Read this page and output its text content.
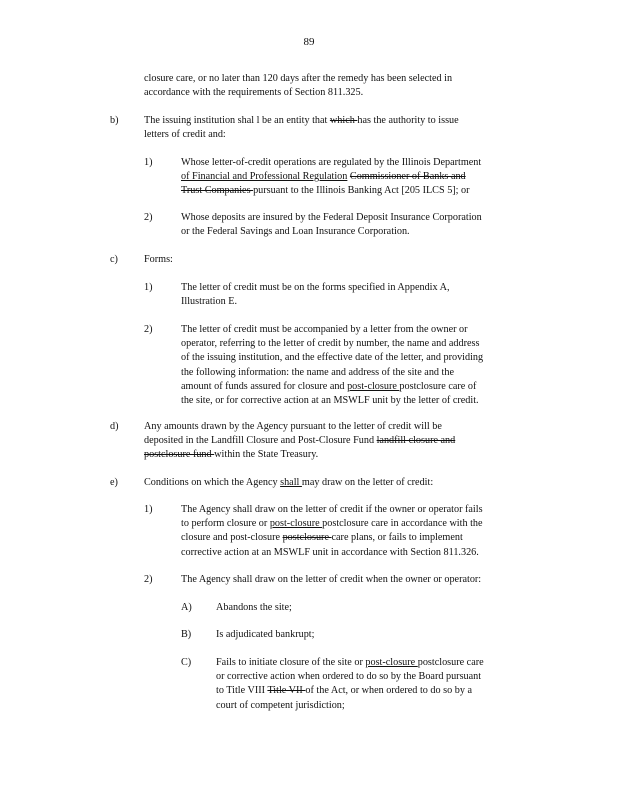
89
closure care, or no later than 120 days after the remedy has been selected in
accordance with the requirements of Section 811.325.
b)	The issuing institution shal l be an entity that which has the authority to issue
letters of credit and:
1)	Whose letter-of-credit operations are regulated by the Illinois Department
of Financial and Professional Regulation Commissioner of Banks and
Trust Companies pursuant to the Illinois Banking Act [205 ILCS 5]; or
2)	Whose deposits are insured by the Federal Deposit Insurance Corporation
or the Federal Savings and Loan Insurance Corporation.
c)	Forms:
1)	The letter of credit must be on the forms specified in Appendix A,
Illustration E.
2)	The letter of credit must be accompanied by a letter from the owner or
operator, referring to the letter of credit by number, the name and address
of the issuing institution, and the effective date of the letter, and providing
the following information: the name and address of the site and the
amount of funds assured for closure and post-closure postclosure care of
the site, or for corrective action at an MSWLF unit by the letter of credit.
d)	Any amounts drawn by the Agency pursuant to the letter of credit will be
deposited in the Landfill Closure and Post-Closure Fund landfill closure and
postclosure fund within the State Treasury.
e)	Conditions on which the Agency shall may draw on the letter of credit:
1)	The Agency shall draw on the letter of credit if the owner or operator fails
to perform closure or post-closure postclosure care in accordance with the
closure and post-closure postclosure care plans, or fails to implement
corrective action at an MSWLF unit in accordance with Section 811.326.
2)	The Agency shall draw on the letter of credit when the owner or operator:
A) Abandons the site;
B) Is adjudicated bankrupt;
C) Fails to initiate closure of the site or post-closure postclosure care
or corrective action when ordered to do so by the Board pursuant
to Title VIII Title VII of the Act, or when ordered to do so by a
court of competent jurisdiction;
